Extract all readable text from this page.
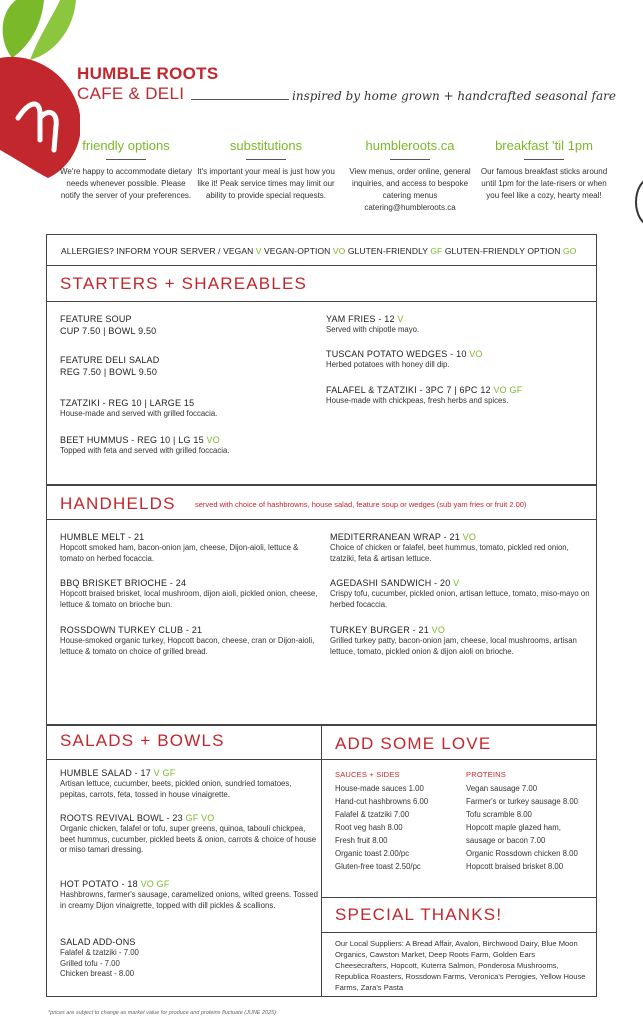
HUMBLE ROOTS
CAFE & DELI	inspired by home grown + handcrafted seasonal fare
friendly options

We're happy to accommodate dietary needs whenever possible. Please notify the server of your preferences.

substitutions

It's important your meal is just how you like it! Peak service times may limit our ability to provide special requests.

humbleroots.ca

View menus, order online, general inquiries, and access to bespoke catering menus catering@humbleroots.ca

breakfast 'til 1pm

Our famous breakfast sticks around until 1pm for the late-risers or when you feel like a cozy, hearty meal!

ALLERGIES? INFORM YOUR SERVER / VEGAN V VEGAN-OPTION VO GLUTEN-FRIENDLY GF GLUTEN-FRIENDLY OPTION GO
STARTERS + SHAREABLES
FEATURE SOUP
CUP 7.50 | BOWL 9.50
FEATURE DELI SALAD
REG 7.50 | BOWL 9.50
TZATZIKI - REG 10 | LARGE 15
House-made and served with grilled foccacia.
BEET HUMMUS - REG 10 | LG 15 VO
Topped with feta and served with grilled foccacia.
YAM FRIES - 12 V
Served with chipotle mayo.
TUSCAN POTATO WEDGES - 10 VO
Herbed potatoes with honey dill dip.
FALAFEL & TZATZIKI - 3PC 7 | 6PC 12 VO GF
House-made with chickpeas, fresh herbs and spices.
HANDHELDS	served with choice of hashbrowns, house salad, feature soup or wedges (sub yam fries or fruit 2.00)
HUMBLE MELT - 21
Hopcott smoked ham, bacon-onion jam, cheese, Dijon-aioli, lettuce & tomato on herbed focaccia.
BBQ BRISKET BRIOCHE - 24
Hopcott braised brisket, local mushroom, dijon aioli, pickled onion, cheese, lettuce & tomato on brioche bun.
ROSSDOWN TURKEY CLUB - 21
House-smoked organic turkey, Hopcott bacon, cheese, cran or Dijon-aioli, lettuce & tomato on choice of grilled bread.
MEDITERRANEAN WRAP - 21 VO
Choice of chicken or falafel, beet hummus, tomato, pickled red onion, tzatziki, feta & artisan lettuce.
AGEDASHI SANDWICH - 20 V
Crispy tofu, cucumber, pickled onion, artisan lettuce, tomato, miso-mayo on herbed focaccia.
TURKEY BURGER - 21 VO
Grilled turkey patty, bacon-onion jam, cheese, local mushrooms, artisan lettuce, tomato, pickled onion & dijon aioli on brioche.
SALADS + BOWLS
HUMBLE SALAD - 17 V GF
Artisan lettuce, cucumber, beets, pickled onion, sundried tomatoes, pepitas, carrots, feta, tossed in house vinaigrette.
ROOTS REVIVAL BOWL - 23 GF VO
Organic chicken, falafel or tofu, super greens, quinoa, tabouli chickpea, beet hummus, cucumber, pickled beets & onion, carrots & choice of house or miso tamari dressing.
HOT POTATO - 18 VO GF
Hashbrowns, farmer's sausage, caramelized onions, wilted greens. Tossed in creamy Dijon vinaigrette, topped with dill pickles & scallions.
SALAD ADD-ONS
Falafel & tzatziki - 7.00
Grilled tofu - 7.00
Chicken breast - 8.00
ADD SOME LOVE
SAUCES + SIDES
House-made sauces 1.00
Hand-cut hashbrowns 6.00
Falafel & tzatziki 7.00
Root veg hash 8.00
Fresh fruit 8.00
Organic toast 2.00/pc
Gluten-free toast 2.50/pc
PROTEINS
Vegan sausage 7.00
Farmer's or turkey sausage 8.00
Tofu scramble 8.00
Hopcott maple glazed ham,
sausage or bacon 7.00
Organic Rossdown chicken 8.00
Hopcott braised brisket 8.00
SPECIAL THANKS!
Our Local Suppliers: A Bread Affair, Avalon, Birchwood Dairy, Blue Moon Organics, Cawston Market, Deep Roots Farm, Golden Ears Cheesecrafters, Hopcott, Kuterra Salmon, Ponderosa Mushrooms, Republica Roasters, Rossdown Farms, Veronica's Perogies, Yellow House Farms, Zara's Pasta
*prices are subject to change as market value for produce and proteins fluctuate (JUNE 2025)
